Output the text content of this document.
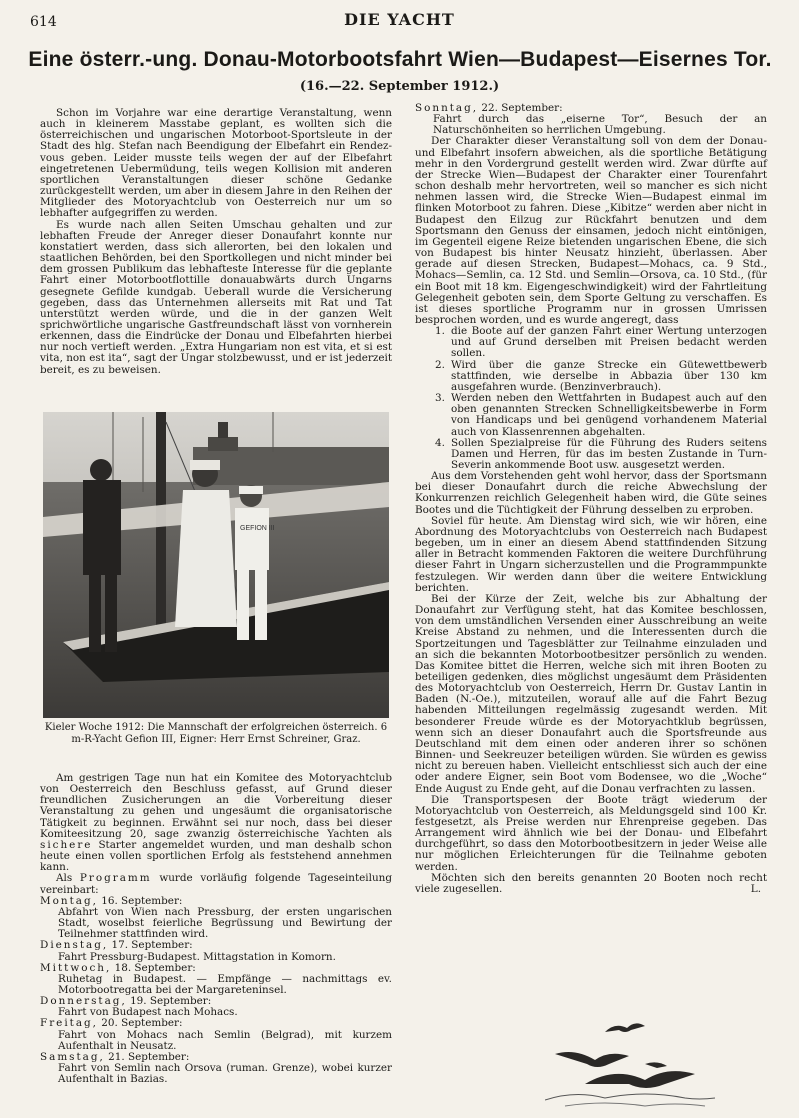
614	DIE YACHT
Eine österr.-ung. Donau-Motorbootsfahrt Wien—Budapest—Eisernes Tor.
(16.—22. September 1912.)

Schon im Vorjahre war eine derartige Veranstaltung, wenn auch in kleinerem Masstabe geplant, es wollten sich die österreichischen und ungarischen Motorboot-Sportsleute in der Stadt des hlg. Stefan nach Beendigung der Elbefahrt ein Rendez-vous geben. Leider musste teils wegen der auf der Elbefahrt eingetretenen Uebermüdung, teils wegen Kollision mit anderen sportlichen Veranstaltungen dieser schöne Gedanke zurückgestellt werden, um aber in diesem Jahre in den Reihen der Mitglieder des Motoryachtclub von Oesterreich nur um so lebhafter aufgegriffen zu werden.

Es wurde nach allen Seiten Umschau gehalten und zur lebhaften Freude der Anreger dieser Donaufahrt konnte nur konstatiert werden, dass sich allerorten, bei den lokalen und staatlichen Behörden, bei den Sportkollegen und nicht minder bei dem grossen Publikum das lebhafteste Interesse für die geplante Fahrt einer Motorbootflottille donauabwärts durch Ungarns gesegnete Gefilde kundgab. Ueberall wurde die Versicherung gegeben, dass das Unternehmen allerseits mit Rat und Tat unterstützt werden würde, und die in der ganzen Welt sprichwörtliche ungarische Gastfreundschaft lässt von vornherein erkennen, dass die Eindrücke der Donau und Elbefahrten hierbei nur noch vertieft werden. „Extra Hungariam non est vita, et si est vita, non est ita“, sagt der Ungar stolzbewusst, und er ist jederzeit bereit, es zu beweisen.

GEFION III
Kieler Woche 1912: Die Mannschaft der erfolgreichen österreich. 6 m-R-Yacht Gefion III, Eigner: Herr Ernst Schreiner, Graz.

Am gestrigen Tage nun hat ein Komitee des Motoryachtclub von Oesterreich den Beschluss gefasst, auf Grund dieser freundlichen Zusicherungen an die Vorbereitung dieser Veranstaltung zu gehen und ungesäumt die organisatorische Tätigkeit zu beginnen. Erwähnt sei nur noch, dass bei dieser Komiteesitzung 20, sage zwanzig österreichische Yachten als sichere Starter angemeldet wurden, und man deshalb schon heute einen vollen sportlichen Erfolg als feststehend annehmen kann.

Als Programm wurde vorläufig folgende Tageseinteilung vereinbart:

Montag, 16. September:

Abfahrt von Wien nach Pressburg, der ersten ungarischen Stadt, woselbst feierliche Begrüssung und Bewirtung der Teilnehmer stattfinden wird.

Dienstag, 17. September:

Fahrt Pressburg-Budapest. Mittagstation in Komorn.

Mittwoch, 18. September:

Ruhetag in Budapest. — Empfänge — nachmittags ev. Motorbootregatta bei der Margareteninsel.

Donnerstag, 19. September:

Fahrt von Budapest nach Mohacs.

Freitag, 20. September:

Fahrt von Mohacs nach Semlin (Belgrad), mit kurzem Aufenthalt in Neusatz.

Samstag, 21. September:

Fahrt von Semlin nach Orsova (ruman. Grenze), wobei kurzer Aufenthalt in Bazias.

Sonntag, 22. September:

Fahrt durch das „eiserne Tor“, Besuch der an Naturschönheiten so herrlichen Umgebung.

Der Charakter dieser Veranstaltung soll von dem der Donau- und Elbefahrt insofern abweichen, als die sportliche Betätigung mehr in den Vordergrund gestellt werden wird. Zwar dürfte auf der Strecke Wien—Budapest der Charakter einer Tourenfahrt schon deshalb mehr hervortreten, weil so mancher es sich nicht nehmen lassen wird, die Strecke Wien—Budapest einmal im flinken Motorboot zu fahren. Diese „Kibitze“ werden aber nicht in Budapest den Eilzug zur Rückfahrt benutzen und dem Sportsmann den Genuss der einsamen, jedoch nicht eintönigen, im Gegenteil eigene Reize bietenden ungarischen Ebene, die sich von Budapest bis hinter Neusatz hinzieht, überlassen. Aber gerade auf diesen Strecken, Budapest—Mohacs, ca. 9 Std., Mohacs—Semlin, ca. 12 Std. und Semlin—Orsova, ca. 10 Std., (für ein Boot mit 18 km. Eigengeschwindigkeit) wird der Fahrtleitung Gelegenheit geboten sein, dem Sporte Geltung zu verschaffen. Es ist dieses sportliche Programm nur in grossen Umrissen besprochen worden, und es wurde angeregt, dass

1. die Boote auf der ganzen Fahrt einer Wertung unterzogen und auf Grund derselben mit Preisen bedacht werden sollen.
2. Wird über die ganze Strecke ein Gütewettbewerb stattfinden, wie derselbe in Abbazia über 130 km ausgefahren wurde. (Benzinverbrauch).
3. Werden neben den Wettfahrten in Budapest auch auf den oben genannten Strecken Schnelligkeitsbewerbe in Form von Handicaps und bei genügend vorhandenem Material auch von Klassenrennen abgehalten.
4. Sollen Spezialpreise für die Führung des Ruders seitens Damen und Herren, für das im besten Zustande in Turn-Severin ankommende Boot usw. ausgesetzt werden.

Aus dem Vorstehenden geht wohl hervor, dass der Sportsmann bei dieser Donaufahrt durch die reiche Abwechslung der Konkurrenzen reichlich Gelegenheit haben wird, die Güte seines Bootes und die Tüchtigkeit der Führung desselben zu erproben.

Soviel für heute. Am Dienstag wird sich, wie wir hören, eine Abordnung des Motoryachtclubs von Oesterreich nach Budapest begeben, um in einer an diesem Abend stattfindenden Sitzung aller in Betracht kommenden Faktoren die weitere Durchführung dieser Fahrt in Ungarn sicherzustellen und die Programmpunkte festzulegen. Wir werden dann über die weitere Entwicklung berichten.

Bei der Kürze der Zeit, welche bis zur Abhaltung der Donaufahrt zur Verfügung steht, hat das Komitee beschlossen, von dem umständlichen Versenden einer Ausschreibung an weite Kreise Abstand zu nehmen, und die Interessenten durch die Sportzeitungen und Tagesblätter zur Teilnahme einzuladen und an sich die bekannten Motorbootbesitzer persönlich zu wenden. Das Komitee bittet die Herren, welche sich mit ihren Booten zu beteiligen gedenken, dies möglichst ungesäumt dem Präsidenten des Motoryachtclub von Oesterreich, Herrn Dr. Gustav Lantin in Baden (N.-Oe.), mitzuteilen, worauf alle auf die Fahrt Bezug habenden Mitteilungen regelmässig zugesandt werden. Mit besonderer Freude würde es der Motoryachtklub begrüssen, wenn sich an dieser Donaufahrt auch die Sportsfreunde aus Deutschland mit dem einen oder anderen ihrer so schönen Binnen- und Seekreuzer beteiligen würden. Sie würden es gewiss nicht zu bereuen haben. Vielleicht entschliesst sich auch der eine oder andere Eigner, sein Boot vom Bodensee, wo die „Woche“ Ende August zu Ende geht, auf die Donau verfrachten zu lassen.

Die Transportspesen der Boote trägt wiederum der Motoryachtclub von Oesterreich, als Meldungsgeld sind 100 Kr. festgesetzt, als Preise werden nur Ehrenpreise gegeben. Das Arrangement wird ähnlich wie bei der Donau- und Elbefahrt durchgeführt, so dass den Motorbootbesitzern in jeder Weise alle nur möglichen Erleichterungen für die Teilnahme geboten werden.

Möchten sich den bereits genannten 20 Booten noch recht viele zugesellen.	L.
